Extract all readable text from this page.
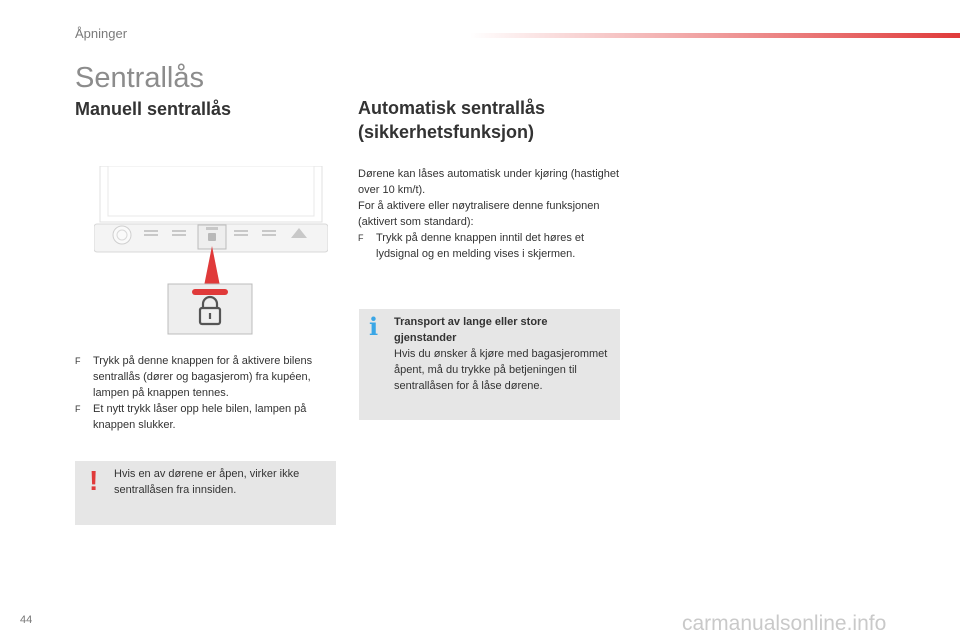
Åpninger
Sentrallås
Manuell sentrallås	Automatisk sentrallås (sikkerhetsfunksjon)
F Trykk på denne knappen for å aktivere bilens sentrallås (dører og bagasjerom) fra kupéen, lampen på knappen tennes.
F Et nytt trykk låser opp hele bilen, lampen på knappen slukker.
! Hvis en av dørene er åpen, virker ikke sentrallåsen fra innsiden.
Dørene kan låses automatisk under kjøring (hastighet over 10 km/t).
For å aktivere eller nøytralisere denne funksjonen (aktivert som standard):
F Trykk på denne knappen inntil det høres et lydsignal og en melding vises i skjermen.
i Transport av lange eller store gjenstander
Hvis du ønsker å kjøre med bagasjerommet åpent, må du trykke på betjeningen til sentrallåsen for å låse dørene.
44	carmanualsonline.info
